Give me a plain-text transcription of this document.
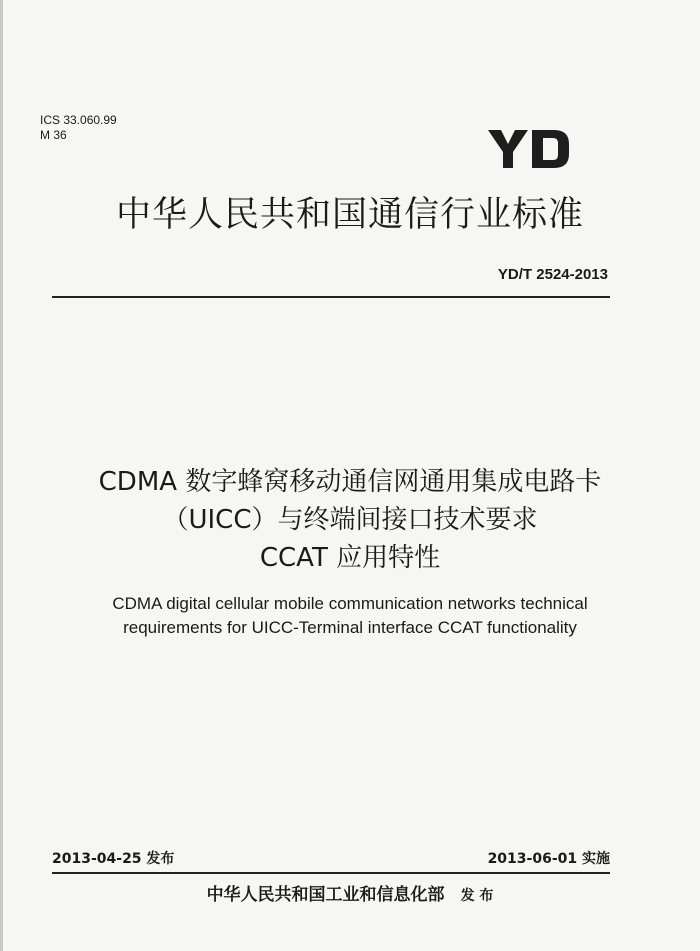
ICS 33.060.99
M 36
中华人民共和国通信行业标准
YD/T 2524-2013
CDMA 数字蜂窝移动通信网通用集成电路卡
（UICC）与终端间接口技术要求
CCAT 应用特性
CDMA digital cellular mobile communication networks technical
requirements for UICC-Terminal interface CCAT functionality
2013-04-25 发布	2013-06-01 实施
中华人民共和国工业和信息化部 发 布
